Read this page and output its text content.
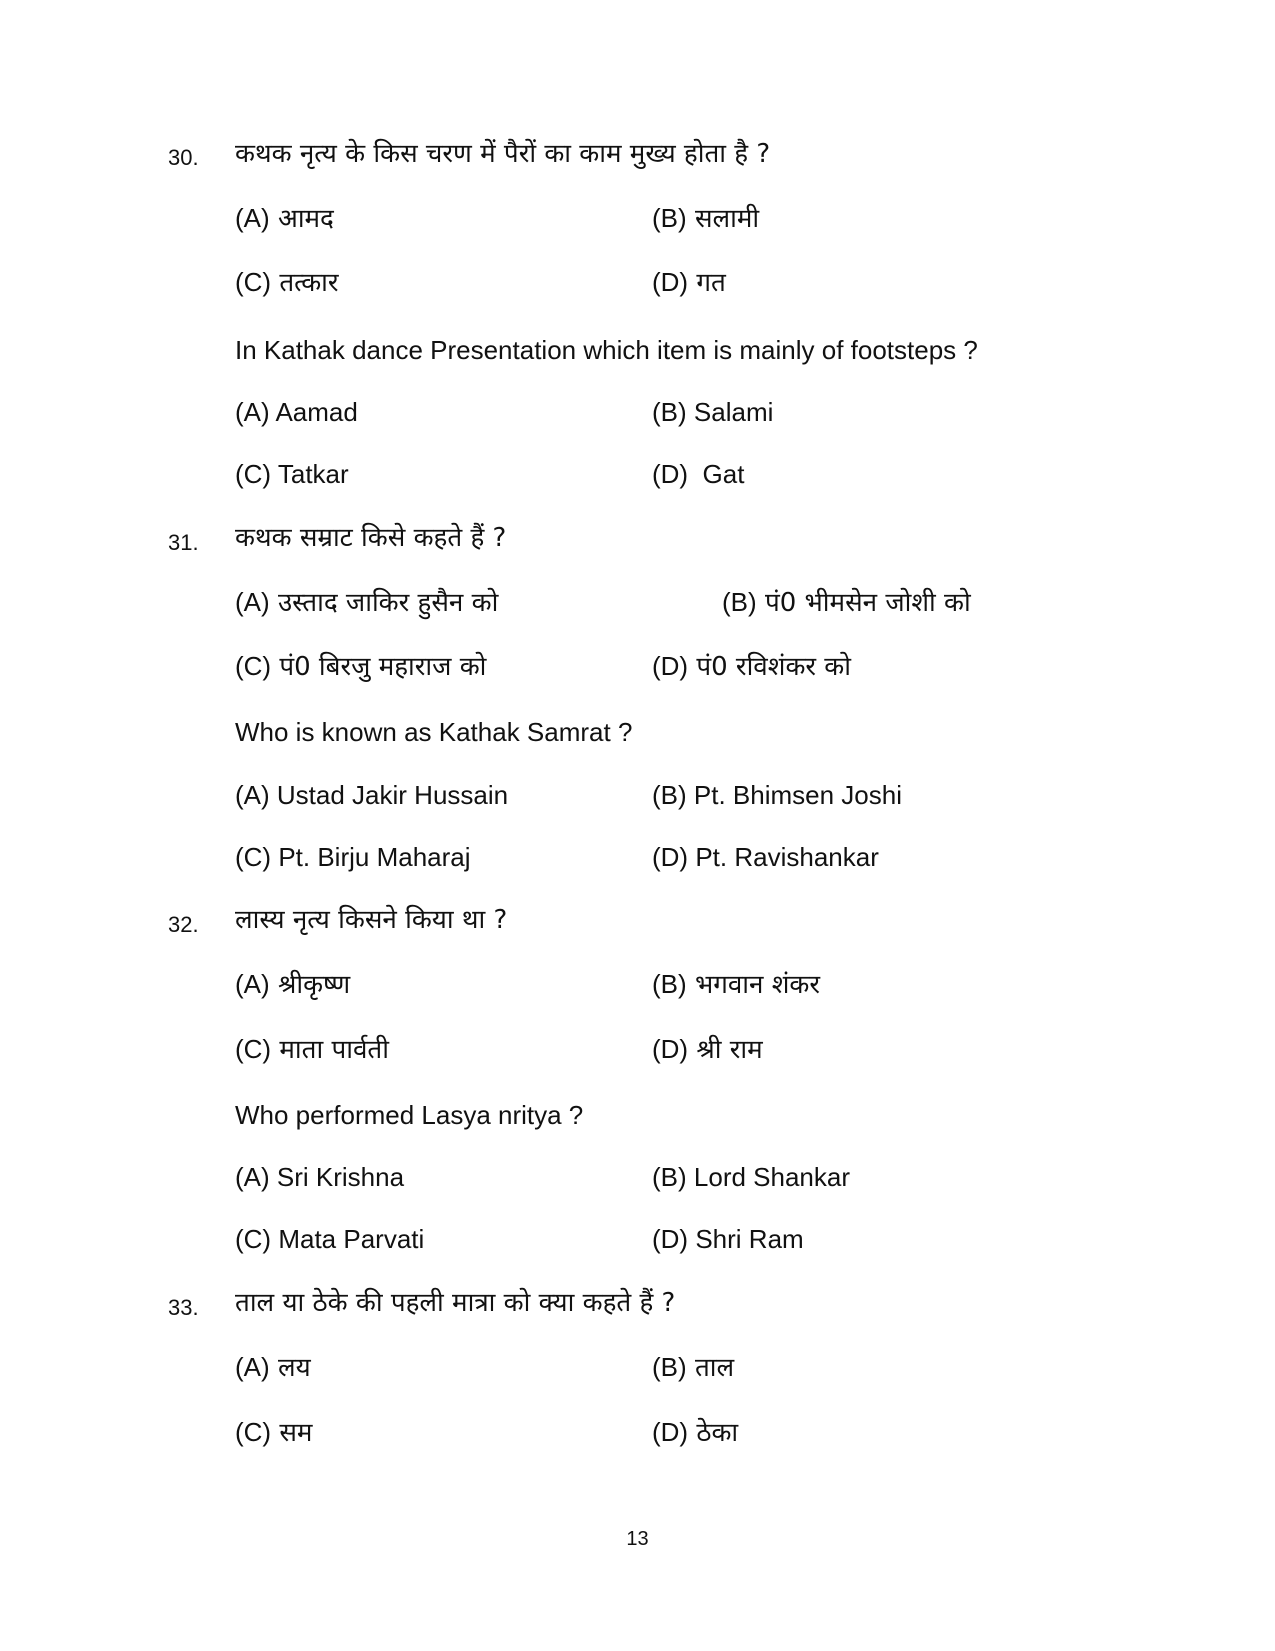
30. कथक नृत्य के किस चरण में पैरों का काम मुख्य होता है ?
(A) आमद	(B) सलामी
(C) तत्कार	(D) गत
In Kathak dance Presentation which item is mainly of footsteps ?
(A) Aamad	(B) Salami
(C) Tatkar	(D)  Gat
31. कथक सम्राट किसे कहते हैं ?
(A) उस्ताद जाकिर हुसैन को	(B) पं0 भीमसेन जोशी को
(C) पं0 बिरजु महाराज को	(D) पं0 रविशंकर को
Who is known as Kathak Samrat ?
(A) Ustad Jakir Hussain	(B) Pt. Bhimsen Joshi
(C) Pt. Birju Maharaj	(D) Pt. Ravishankar
32. लास्य नृत्य किसने किया था ?
(A) श्रीकृष्ण	(B) भगवान शंकर
(C) माता पार्वती	(D) श्री राम
Who performed Lasya nritya ?
(A) Sri Krishna	(B) Lord Shankar
(C) Mata Parvati	(D) Shri Ram
33. ताल या ठेके की पहली मात्रा को क्या कहते हैं ?
(A) लय	(B) ताल
(C) सम	(D) ठेका
13
